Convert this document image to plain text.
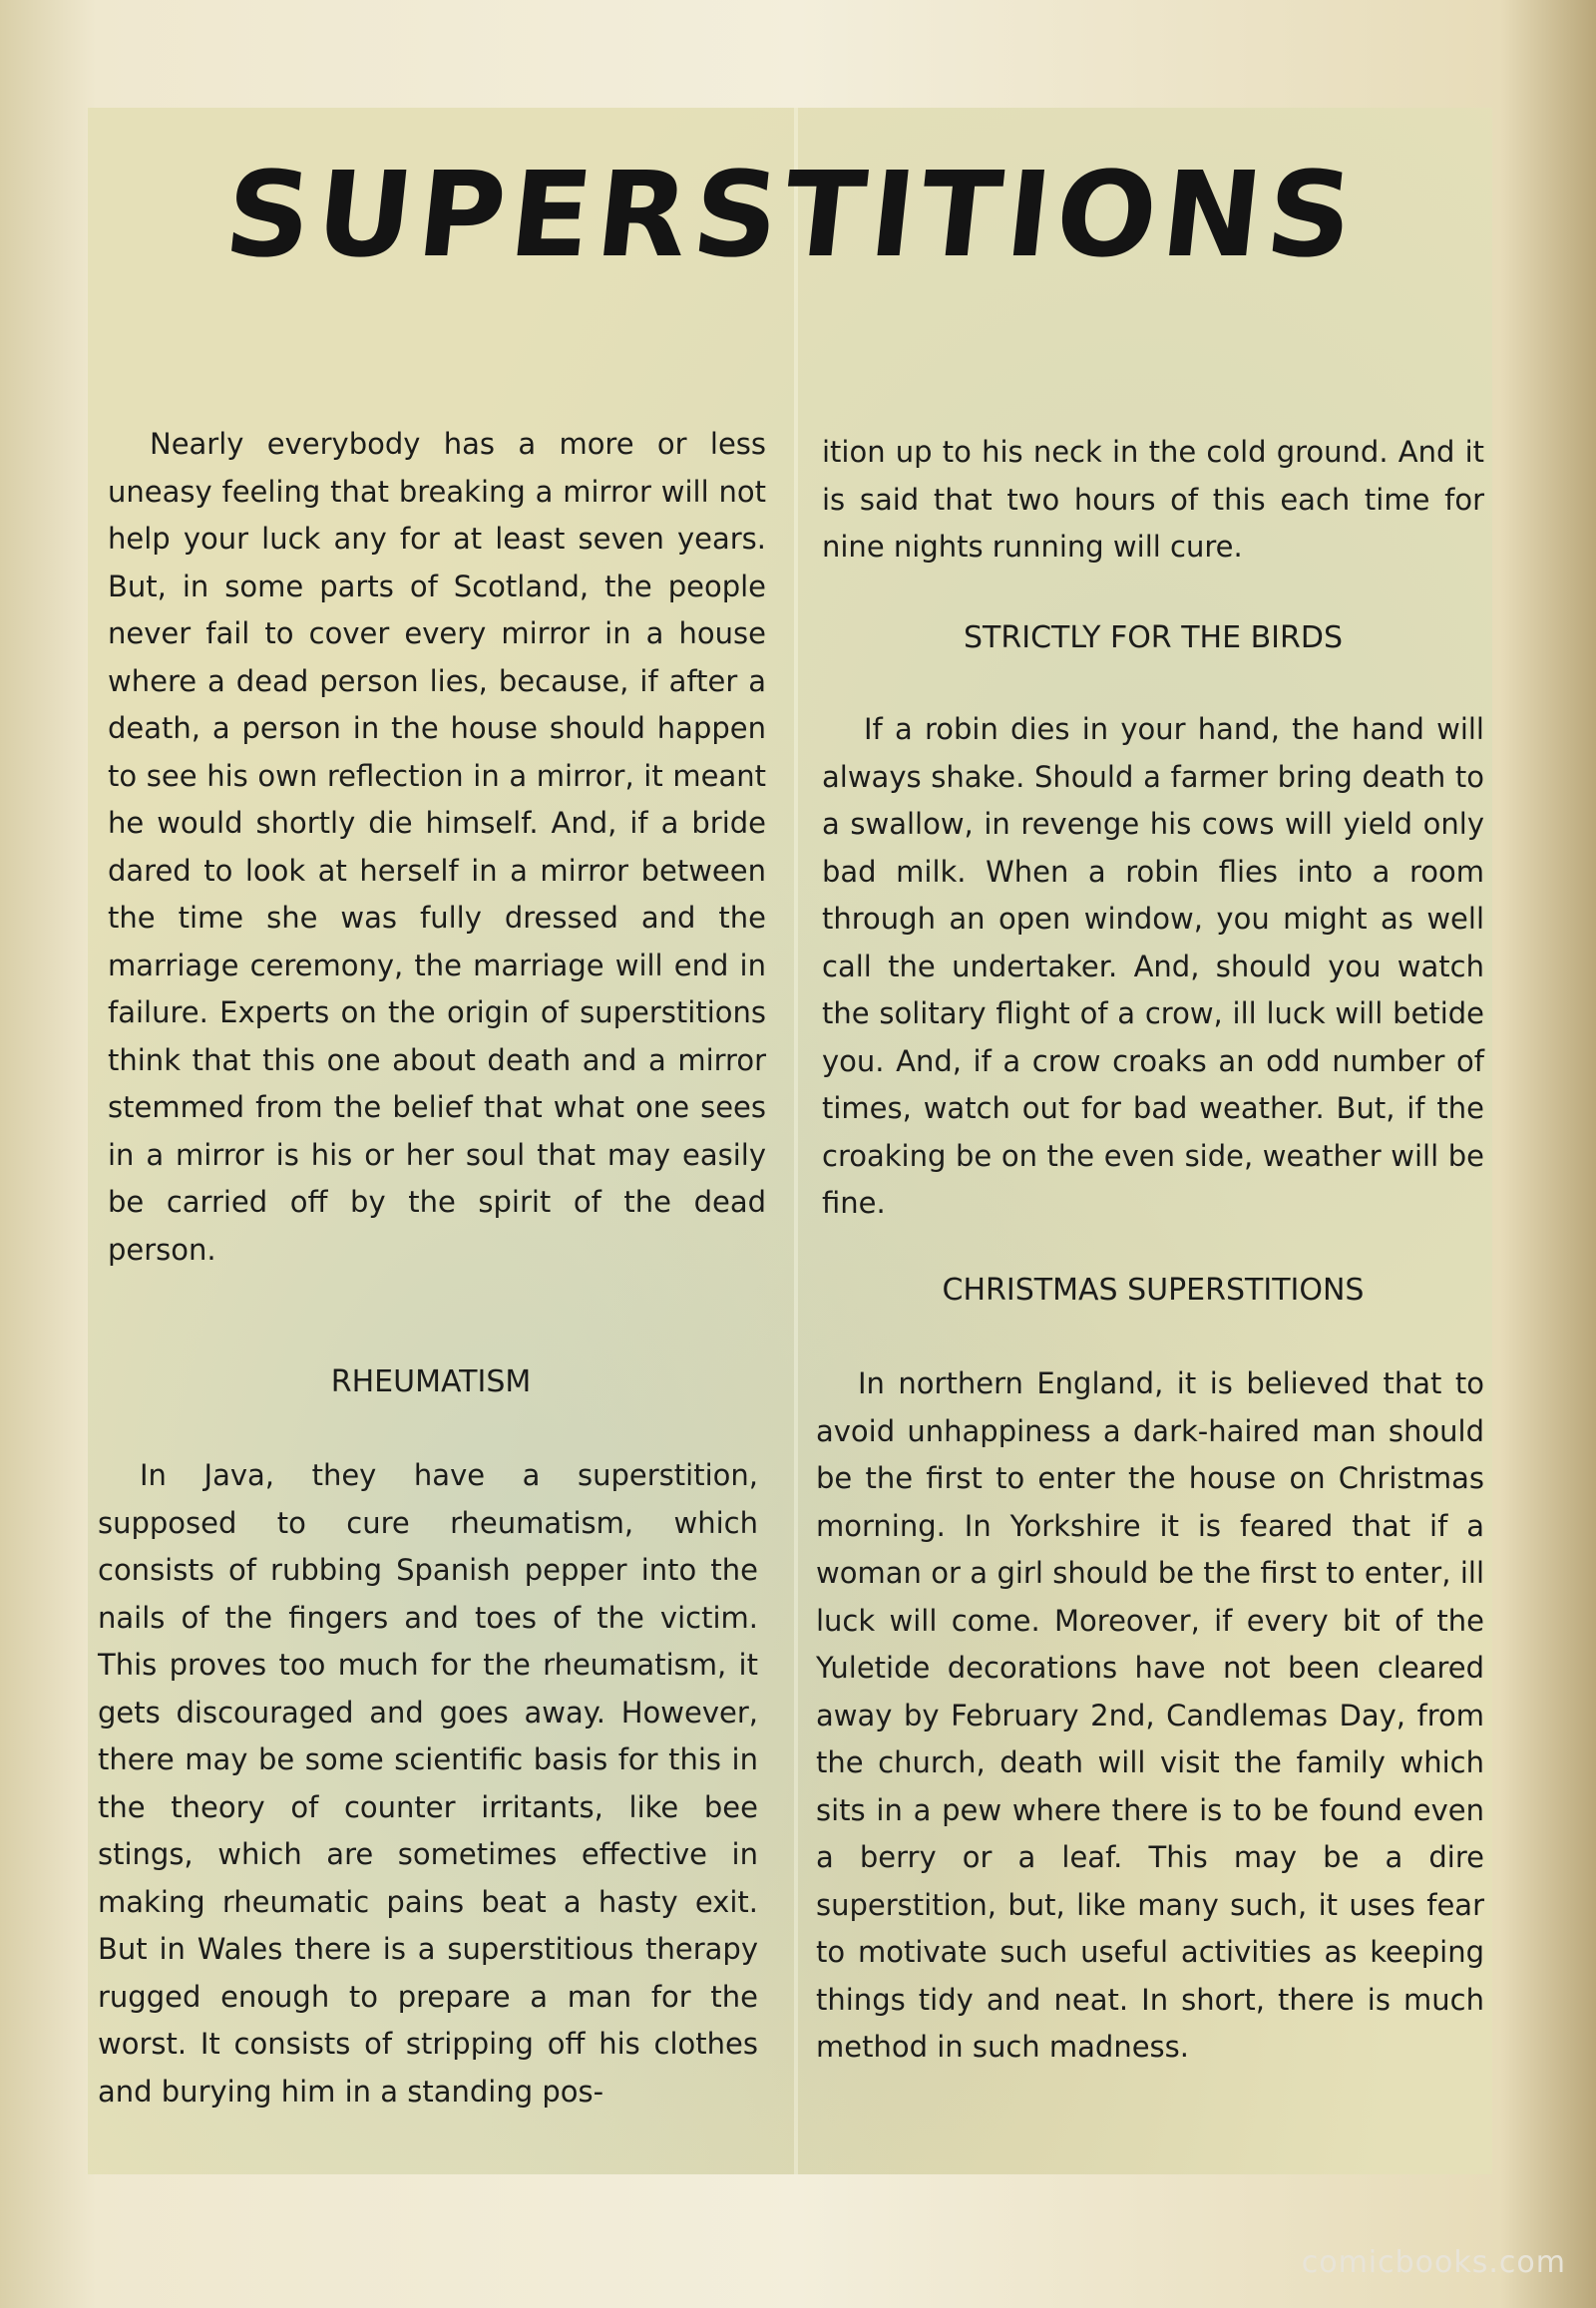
SUPERSTITIONS

Nearly everybody has a more or less uneasy feeling that breaking a mirror will not help your luck any for at least seven years. But, in some parts of Scotland, the people never fail to cover every mirror in a house where a dead person lies, because, if after a death, a person in the house should happen to see his own reflection in a mirror, it meant he would shortly die himself. And, if a bride dared to look at herself in a mirror between the time she was fully dressed and the marriage ceremony, the marriage will end in failure. Experts on the origin of superstitions think that this one about death and a mirror stemmed from the belief that what one sees in a mirror is his or her soul that may easily be carried off by the spirit of the dead person.

RHEUMATISM

In Java, they have a superstition, supposed to cure rheumatism, which consists of rubbing Spanish pepper into the nails of the fingers and toes of the victim. This proves too much for the rheumatism, it gets discouraged and goes away. However, there may be some scientific basis for this in the theory of counter irritants, like bee stings, which are sometimes effective in making rheumatic pains beat a hasty exit. But in Wales there is a superstitious therapy rugged enough to prepare a man for the worst. It consists of stripping off his clothes and burying him in a standing pos-

ition up to his neck in the cold ground. And it is said that two hours of this each time for nine nights running will cure.

STRICTLY FOR THE BIRDS

If a robin dies in your hand, the hand will always shake. Should a farmer bring death to a swallow, in revenge his cows will yield only bad milk. When a robin flies into a room through an open window, you might as well call the undertaker. And, should you watch the solitary flight of a crow, ill luck will betide you. And, if a crow croaks an odd number of times, watch out for bad weather. But, if the croaking be on the even side, weather will be fine.

CHRISTMAS SUPERSTITIONS

In northern England, it is believed that to avoid unhappiness a dark-haired man should be the first to enter the house on Christmas morning. In Yorkshire it is feared that if a woman or a girl should be the first to enter, ill luck will come. Moreover, if every bit of the Yuletide decorations have not been cleared away by February 2nd, Candlemas Day, from the church, death will visit the family which sits in a pew where there is to be found even a berry or a leaf. This may be a dire superstition, but, like many such, it uses fear to motivate such useful activities as keeping things tidy and neat. In short, there is much method in such madness.

comicbooks.com
